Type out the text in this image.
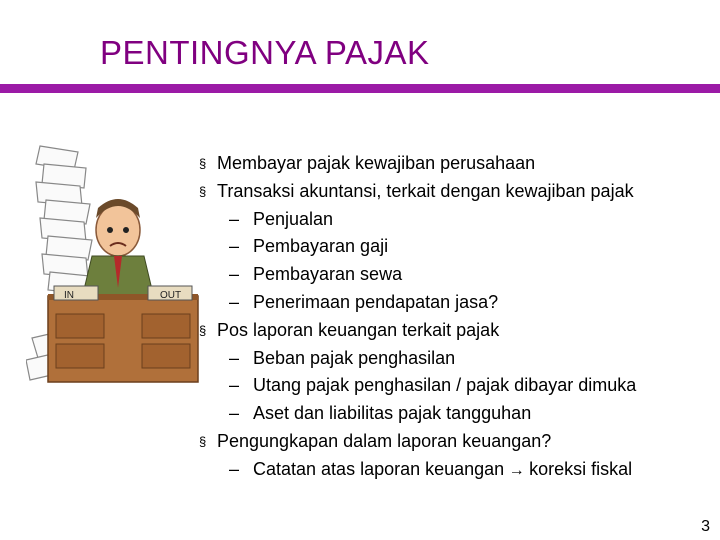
PENTINGNYA PAJAK
IN	OUT
§ Membayar pajak kewajiban perusahaan
§ Transaksi akuntansi, terkait dengan kewajiban pajak
– Penjualan
– Pembayaran gaji
– Pembayaran sewa
– Penerimaan pendapatan jasa?
§ Pos laporan keuangan terkait pajak
– Beban pajak penghasilan
– Utang pajak penghasilan / pajak dibayar dimuka
– Aset dan liabilitas pajak tangguhan
§ Pengungkapan dalam laporan keuangan?
– Catatan atas laporan keuangan → koreksi fiskal
3
